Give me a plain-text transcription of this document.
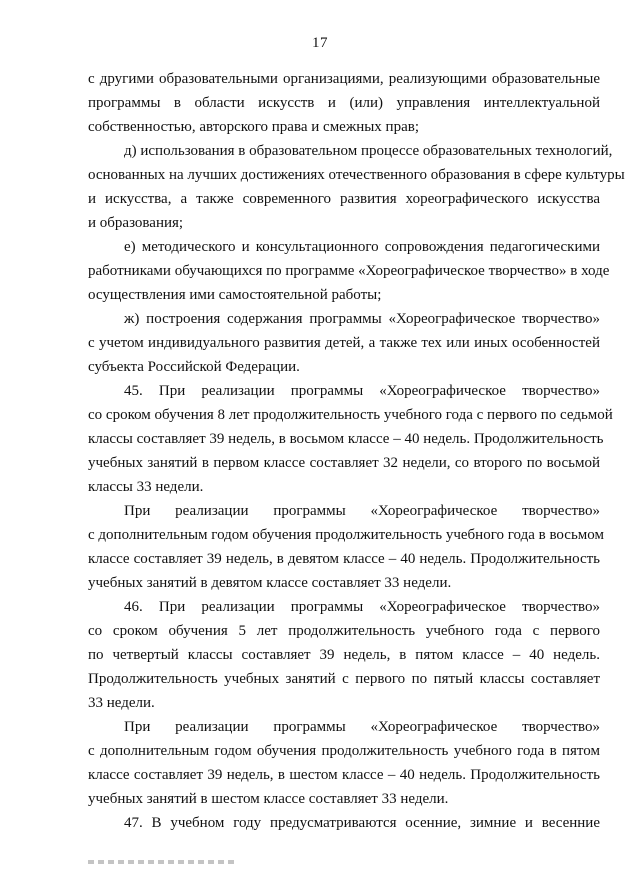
17

с другими образовательными организациями, реализующими образовательные

программы в области искусств и (или) управления интеллектуальной

собственностью, авторского права и смежных прав;

д) использования в образовательном процессе образовательных технологий,

основанных на лучших достижениях отечественного образования в сфере культуры

и искусства, а также современного развития хореографического искусства

и образования;

е) методического и консультационного сопровождения педагогическими

работниками обучающихся по программе «Хореографическое творчество» в ходе

осуществления ими самостоятельной работы;

ж) построения содержания программы «Хореографическое творчество»

с учетом индивидуального развития детей, а также тех или иных особенностей

субъекта Российской Федерации.

45. При реализации программы «Хореографическое творчество»

со сроком обучения 8 лет продолжительность учебного года с первого по седьмой

классы составляет 39 недель, в восьмом классе – 40 недель. Продолжительность

учебных занятий в первом классе составляет 32 недели, со второго по восьмой

классы 33 недели.

При реализации программы «Хореографическое творчество»

с дополнительным годом обучения продолжительность учебного года в восьмом

классе составляет 39 недель, в девятом классе – 40 недель. Продолжительность

учебных занятий в девятом классе составляет 33 недели.

46. При реализации программы «Хореографическое творчество»

со сроком обучения 5 лет продолжительность учебного года с первого

по четвертый классы составляет 39 недель, в пятом классе – 40 недель.

Продолжительность учебных занятий с первого по пятый классы составляет

33 недели.

При реализации программы «Хореографическое творчество»

с дополнительным годом обучения продолжительность учебного года в пятом

классе составляет 39 недель, в шестом классе – 40 недель. Продолжительность

учебных занятий в шестом классе составляет 33 недели.

47. В учебном году предусматриваются осенние, зимние и весенние
